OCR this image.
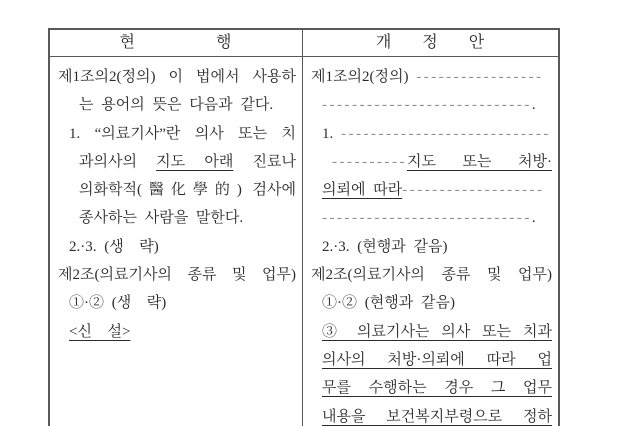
현                행	개      정      안
제1조의2(정의) 이 법에서 사용하
는 용어의 뜻은 다음과 같다.
1. “의료기사”란 의사 또는 치
과의사의 지도 아래 진료나
의화학적(醫化學的) 검사에
종사하는 사람을 말한다.
2.·3. (생  략)
제2조(의료기사의 종류 및 업무)
①·② (생  략)
<신  설>
제1조의2(정의) -----------------
----------------------------.
1. ----------------------------
----------지도 또는 처방·
의뢰에 따라-------------------
----------------------------.
2.·3. (현행과 같음)
제2조(의료기사의 종류 및 업무)
①·② (현행과 같음)
③ 의료기사는 의사 또는 치과
의사의 처방·의뢰에 따라 업
무를 수행하는 경우 그 업무
내용을 보건복지부령으로 정하
